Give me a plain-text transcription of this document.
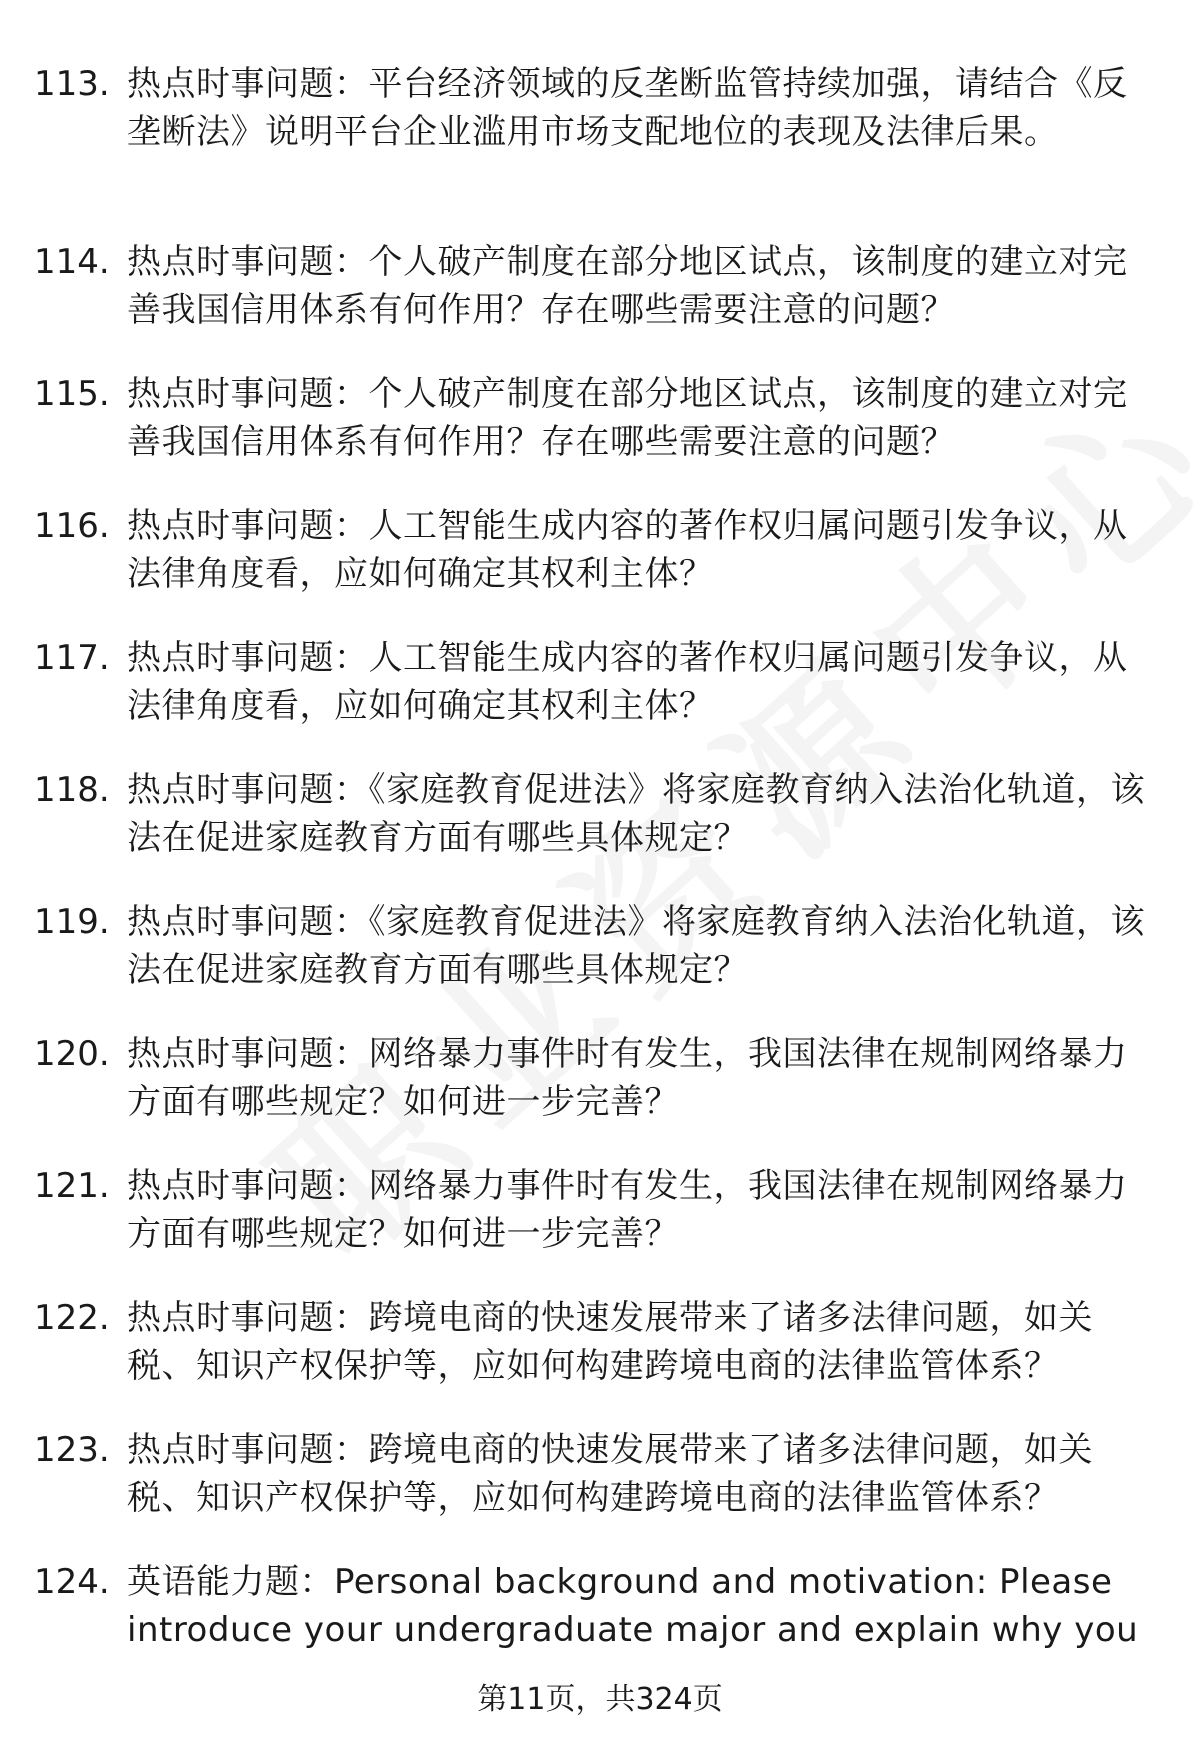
113. 热点时事问题：平台经济领域的反垄断监管持续加强，请结合《反垄断法》说明平台企业滥用市场支配地位的表现及法律后果。
114. 热点时事问题：个人破产制度在部分地区试点，该制度的建立对完善我国信用体系有何作用？存在哪些需要注意的问题？
115. 热点时事问题：个人破产制度在部分地区试点，该制度的建立对完善我国信用体系有何作用？存在哪些需要注意的问题？
116. 热点时事问题：人工智能生成内容的著作权归属问题引发争议，从法律角度看，应如何确定其权利主体？
117. 热点时事问题：人工智能生成内容的著作权归属问题引发争议，从法律角度看，应如何确定其权利主体？
118. 热点时事问题：《家庭教育促进法》将家庭教育纳入法治化轨道，该法在促进家庭教育方面有哪些具体规定？
119. 热点时事问题：《家庭教育促进法》将家庭教育纳入法治化轨道，该法在促进家庭教育方面有哪些具体规定？
120. 热点时事问题：网络暴力事件时有发生，我国法律在规制网络暴力方面有哪些规定？如何进一步完善？
121. 热点时事问题：网络暴力事件时有发生，我国法律在规制网络暴力方面有哪些规定？如何进一步完善？
122. 热点时事问题：跨境电商的快速发展带来了诸多法律问题，如关税、知识产权保护等，应如何构建跨境电商的法律监管体系？
123. 热点时事问题：跨境电商的快速发展带来了诸多法律问题，如关税、知识产权保护等，应如何构建跨境电商的法律监管体系？
124. 英语能力题：Personal background and motivation: Please introduce your undergraduate major and explain why you
第11页，共324页
